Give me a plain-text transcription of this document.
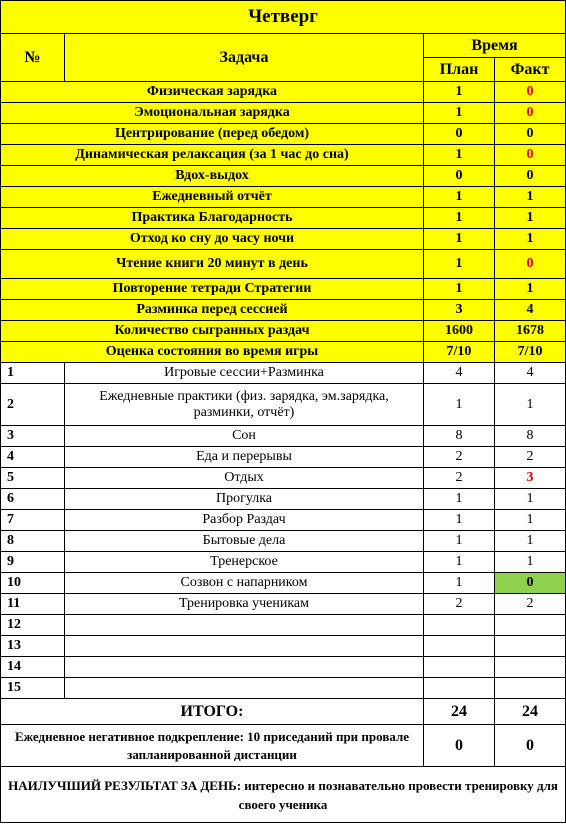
Четверг			
№	Задача	Время	
		План	Факт
Физическая зарядка		1	0
Эмоциональная зарядка		1	0
Центрирование (перед обедом)		0	0
Динамическая релаксация (за 1 час до сна)		1	0
Вдох-выдох		0	0
Ежедневный отчёт		1	1
Практика Благодарность		1	1
Отход ко сну до часу ночи		1	1
Чтение книги 20 минут в день		1	0
Повторение тетради Стратегии		1	1
Разминка перед сессией		3	4
Количество сыгранных раздач		1600	1678
Оценка состояния во время игры		7/10	7/10
1	Игровые сессии+Разминка	4	4
2	Ежедневные практики (физ. зарядка, эм.зарядка, разминки, отчёт)	1	1
3	Сон	8	8
4	Еда и перерывы	2	2
5	Отдых	2	3
6	Прогулка	1	1
7	Разбор Раздач	1	1
8	Бытовые дела	1	1
9	Тренерское	1	1
10	Созвон с напарником	1	0
11	Тренировка ученикам	2	2
12			
13			
14			
15			
ИТОГО:		24	24
Ежедневное негативное подкрепление: 10 приседаний при провале запланированной дистанции		0	0
НАИЛУЧШИЙ РЕЗУЛЬТАТ ЗА ДЕНЬ: интересно и познавательно провести тренировку для своего ученика			
